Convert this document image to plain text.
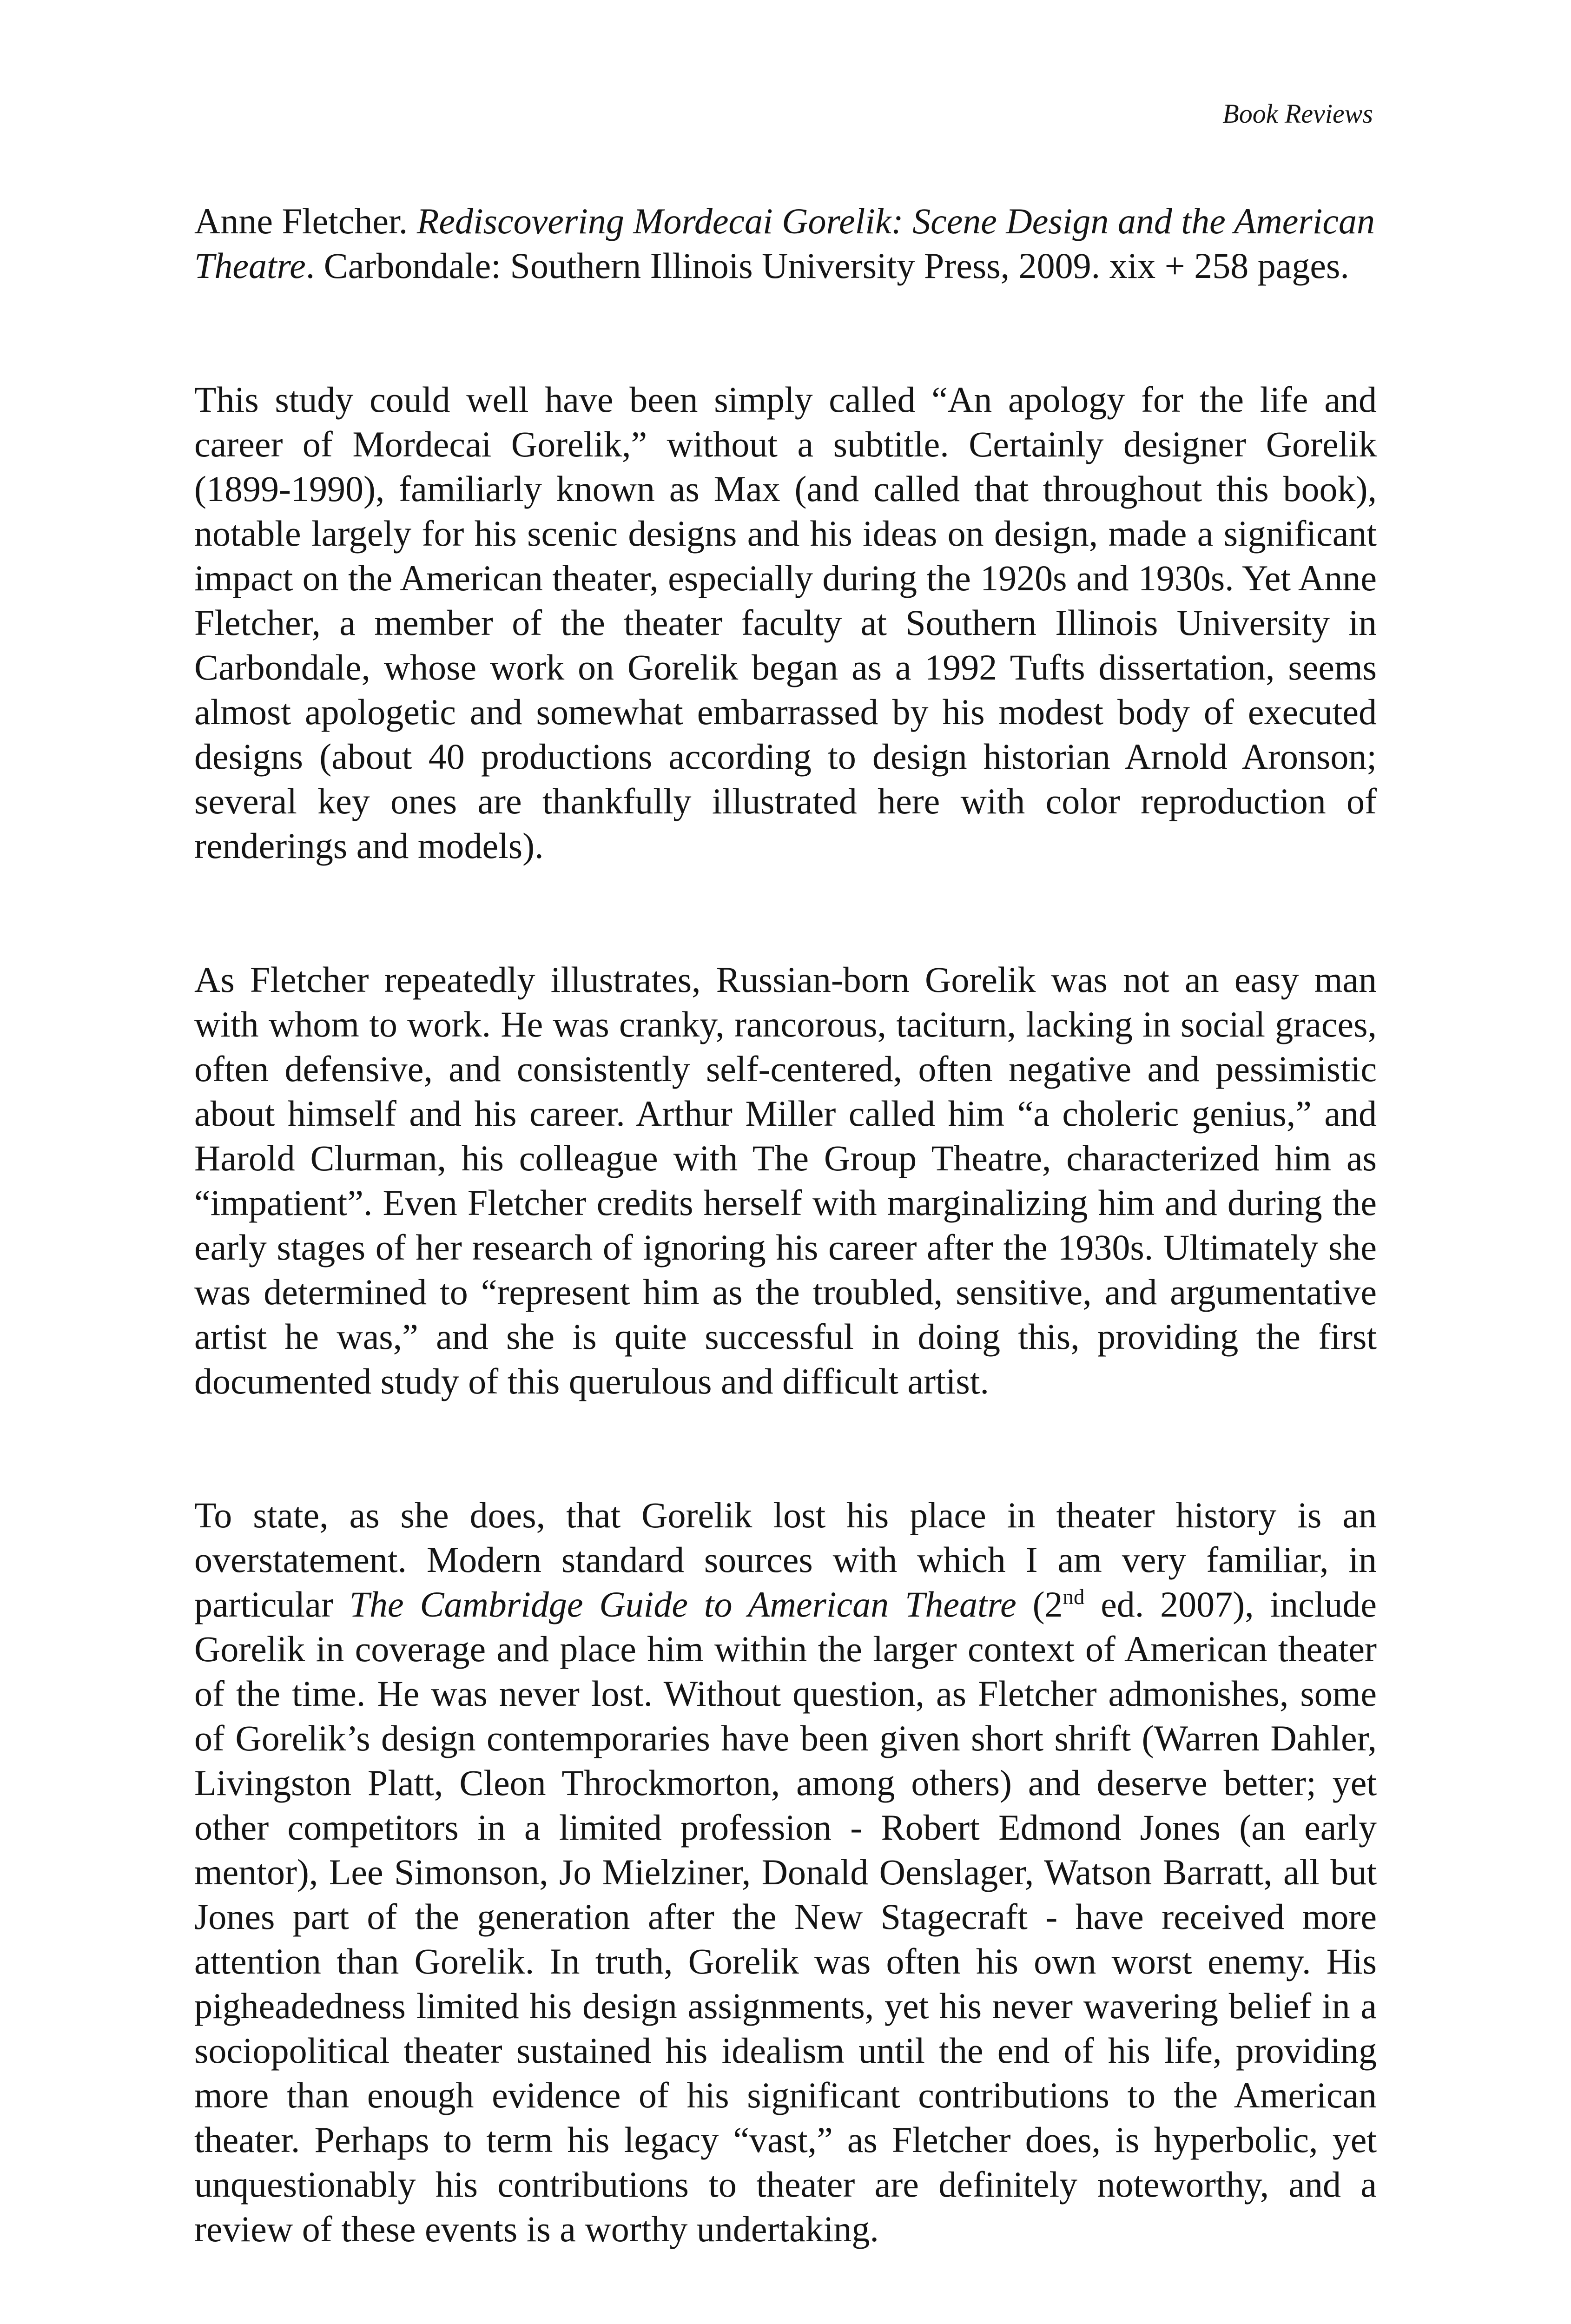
Book Reviews

Anne Fletcher. Rediscovering Mordecai Gorelik: Scene Design and the American Theatre. Carbondale: Southern Illinois University Press, 2009. xix + 258 pages.

This study could well have been simply called “An apology for the life and career of Mordecai Gorelik,” without a subtitle. Certainly designer Gorelik (1899-1990), familiarly known as Max (and called that throughout this book), notable largely for his scenic designs and his ideas on design, made a significant impact on the American theater, especially during the 1920s and 1930s. Yet Anne Fletcher, a member of the theater faculty at Southern Illinois University in Carbondale, whose work on Gorelik began as a 1992 Tufts dissertation, seems almost apologetic and somewhat embarrassed by his modest body of executed designs (about 40 productions according to design historian Arnold Aronson; several key ones are thankfully illustrated here with color reproduction of renderings and models).

As Fletcher repeatedly illustrates, Russian-born Gorelik was not an easy man with whom to work. He was cranky, rancorous, taciturn, lacking in social graces, often defensive, and consistently self-centered, often negative and pessimistic about himself and his career. Arthur Miller called him “a choleric genius,” and Harold Clurman, his colleague with The Group Theatre, characterized him as “impatient”. Even Fletcher credits herself with marginalizing him and during the early stages of her research of ignoring his career after the 1930s. Ultimately she was determined to “represent him as the troubled, sensitive, and argumentative artist he was,” and she is quite successful in doing this, providing the first documented study of this querulous and difficult artist.

To state, as she does, that Gorelik lost his place in theater history is an overstatement. Modern standard sources with which I am very familiar, in particular The Cambridge Guide to American Theatre (2nd ed. 2007), include Gorelik in coverage and place him within the larger context of American theater of the time. He was never lost. Without question, as Fletcher admonishes, some of Gorelik’s design contemporaries have been given short shrift (Warren Dahler, Livingston Platt, Cleon Throckmorton, among others) and deserve better; yet other competitors in a limited profession - Robert Edmond Jones (an early mentor), Lee Simonson, Jo Mielziner, Donald Oenslager, Watson Barratt, all but Jones part of the generation after the New Stagecraft - have received more attention than Gorelik. In truth, Gorelik was often his own worst enemy. His pigheadedness limited his design assignments, yet his never wavering belief in a sociopolitical theater sustained his idealism until the end of his life, providing more than enough evidence of his significant contributions to the American theater. Perhaps to term his legacy “vast,” as Fletcher does, is hyperbolic, yet unquestionably his contributions to theater are definitely noteworthy, and a review of these events is a worthy undertaking.
